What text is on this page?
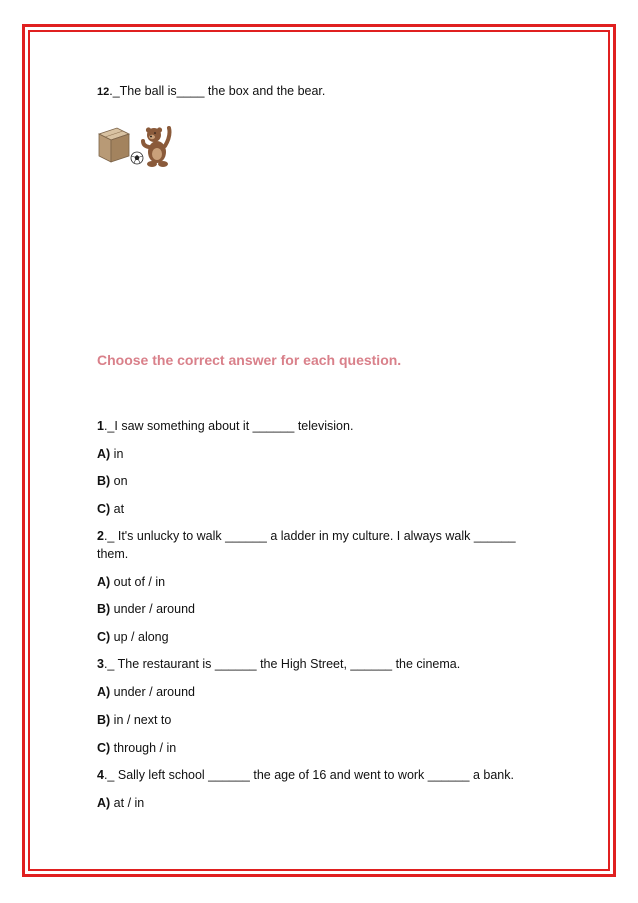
12._The ball is____ the box and the bear.
Choose the correct answer for each question.
1._I saw something about it ______ television.
A) in
B) on
C) at
2._ It's unlucky to walk ______ a ladder in my culture. I always walk ______
them.
A) out of / in
B) under / around
C) up / along
3._ The restaurant is ______ the High Street, ______ the cinema.
A) under / around
B) in / next to
C) through / in
4._ Sally left school ______ the age of 16 and went to work ______ a bank.
A) at / in
